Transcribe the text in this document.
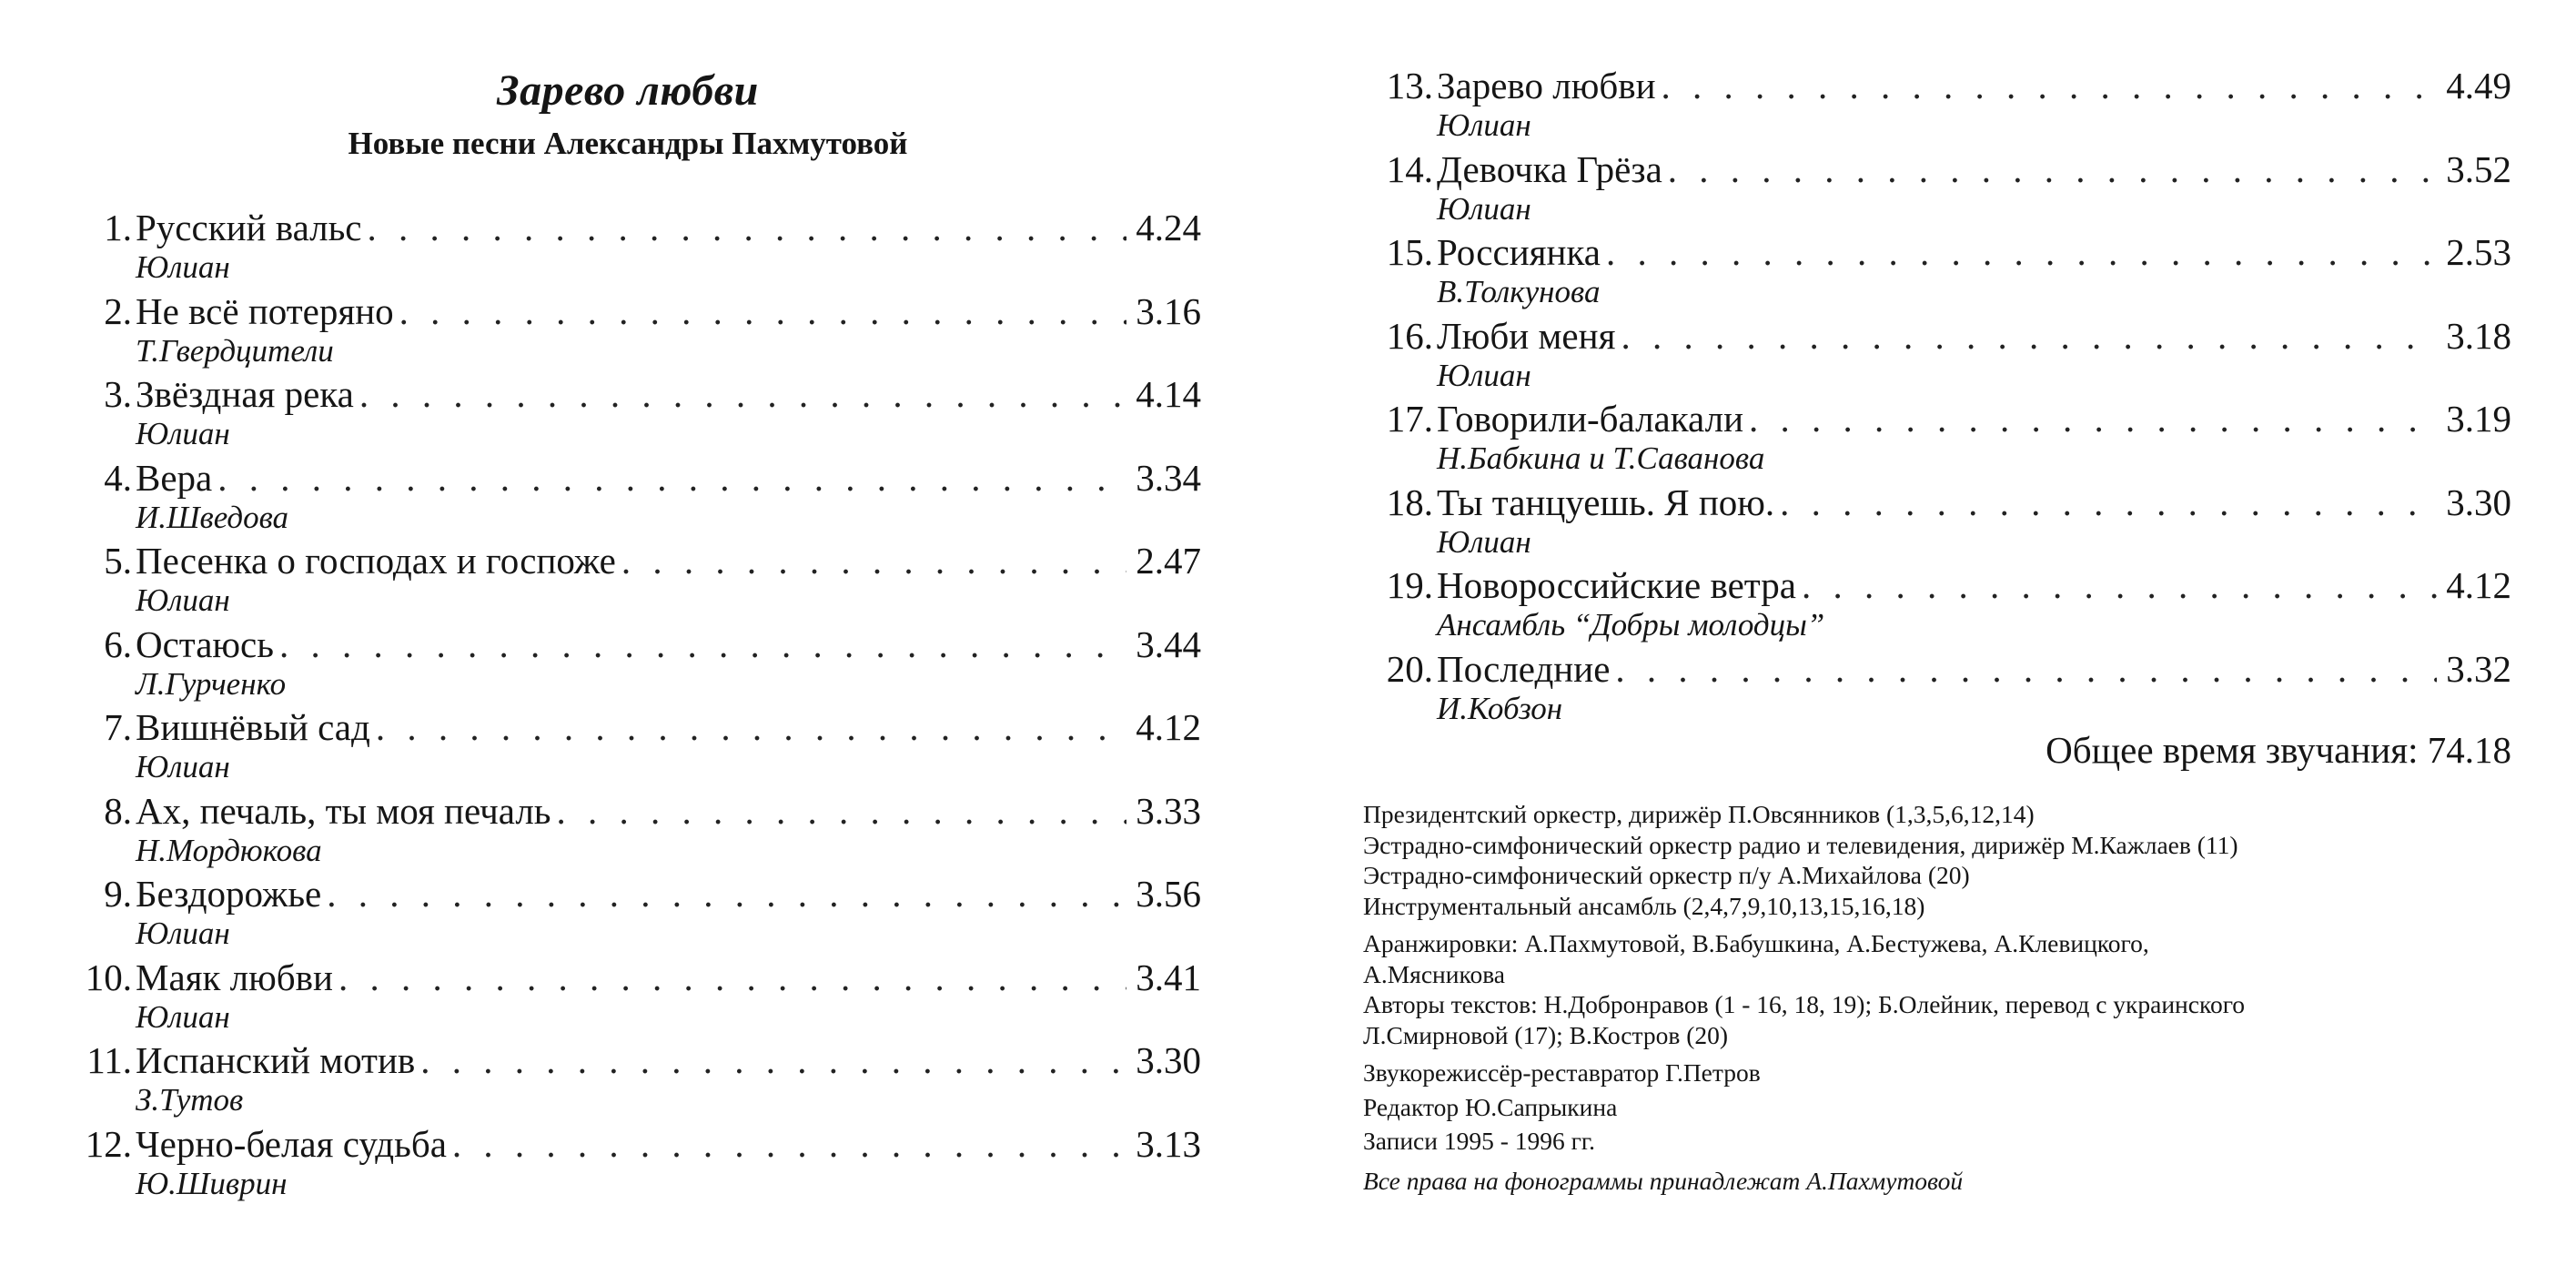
Зарево любви
Новые песни Александры Пахмутовой
1. Русский вальс . . .	4.24
Юлиан
2. Не всё потеряно . . .	3.16
Т.Гвердцители
3. Звёздная река . . .	4.14
Юлиан
4. Вера . . .	3.34
И.Шведова
5. Песенка о господах и госпоже . . .	2.47
Юлиан
6. Остаюсь . . .	3.44
Л.Гурченко
7. Вишнёвый сад . . .	4.12
Юлиан
8. Ах, печаль, ты моя печаль . . .	3.33
Н.Мордюкова
9. Бездорожье . . .	3.56
Юлиан
10. Маяк любви . . .	3.41
Юлиан
11. Испанский мотив . . .	3.30
З.Тутов
12. Черно-белая судьба . . .	3.13
Ю.Шиврин
13. Зарево любви . . .	4.49
Юлиан
14. Девочка Грёза . . .	3.52
Юлиан
15. Россиянка . . .	2.53
В.Толкунова
16. Люби меня . . .	3.18
Юлиан
17. Говорили-балакали . . .	3.19
Н.Бабкина и Т.Саванова
18. Ты танцуешь. Я пою. . . .	3.30
Юлиан
19. Новороссийские ветра . . .	4.12
Ансамбль “Добры молодцы”
20. Последние . . .	3.32
И.Кобзон
Общее время звучания: 74.18
Президентский оркестр, дирижёр П.Овсянников (1,3,5,6,12,14)
Эстрадно-симфонический оркестр радио и телевидения, дирижёр М.Кажлаев (11)
Эстрадно-симфонический оркестр п/у А.Михайлова (20)
Инструментальный ансамбль (2,4,7,9,10,13,15,16,18)
Аранжировки: А.Пахмутовой, В.Бабушкина, А.Бестужева, А.Клевицкого,
А.Мясникова
Авторы текстов: Н.Добронравов (1 - 16, 18, 19); Б.Олейник, перевод с украинского
Л.Смирновой (17); В.Костров (20)
Звукорежиссёр-реставратор Г.Петров
Редактор Ю.Сапрыкина
Записи 1995 - 1996 гг.
Все права на фонограммы принадлежат А.Пахмутовой
